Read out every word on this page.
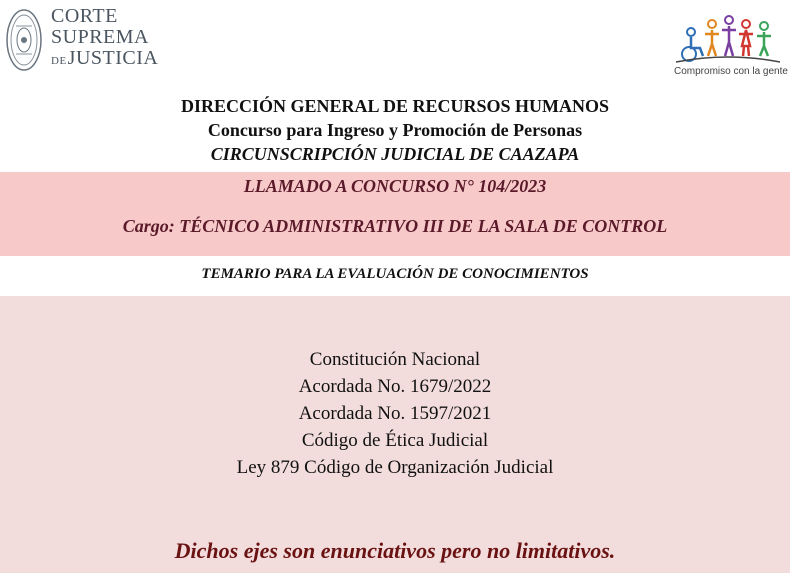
CORTE
SUPREMA
DEJUSTICIA
Compromiso con la gente
DIRECCIÓN GENERAL DE RECURSOS HUMANOS
Concurso para Ingreso y Promoción de Personas
CIRCUNSCRIPCIÓN JUDICIAL DE CAAZAPA
LLAMADO A CONCURSO N° 104/2023
Cargo: TÉCNICO ADMINISTRATIVO III DE LA SALA DE CONTROL
TEMARIO PARA LA EVALUACIÓN DE CONOCIMIENTOS
Constitución Nacional
Acordada No. 1679/2022
Acordada No. 1597/2021
Código de Ética Judicial
Ley 879 Código de Organización Judicial
Dichos ejes son enunciativos pero no limitativos.
